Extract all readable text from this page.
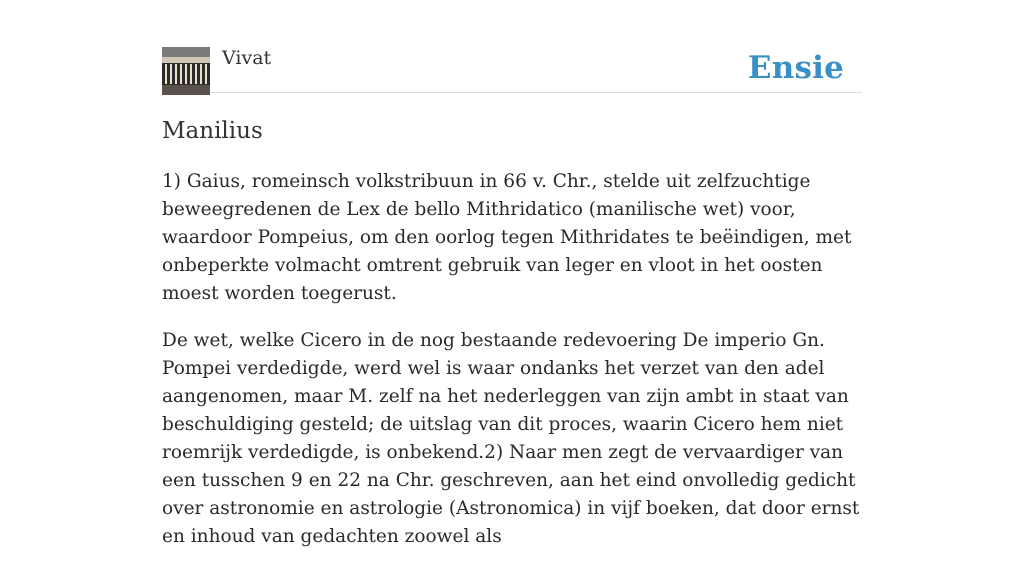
Vivat	Ensie
Manilius

1) Gaius, romeinsch volkstribuun in 66 v. Chr., stelde uit zelfzuchtige beweegredenen de Lex de bello Mithridatico (manilische wet) voor, waardoor Pompeius, om den oorlog tegen Mithridates te beëindigen, met onbeperkte volmacht omtrent gebruik van leger en vloot in het oosten moest worden toegerust.

De wet, welke Cicero in de nog bestaande redevoering De imperio Gn. Pompei verdedigde, werd wel is waar ondanks het verzet van den adel aangenomen, maar M. zelf na het nederleggen van zijn ambt in staat van beschuldiging gesteld; de uitslag van dit proces, waarin Cicero hem niet roemrijk verdedigde, is onbekend.2) Naar men zegt de vervaardiger van een tusschen 9 en 22 na Chr. geschreven, aan het eind onvolledig gedicht over astronomie en astrologie (Astronomica) in vijf boeken, dat door ernst en inhoud van gedachten zoowel als
